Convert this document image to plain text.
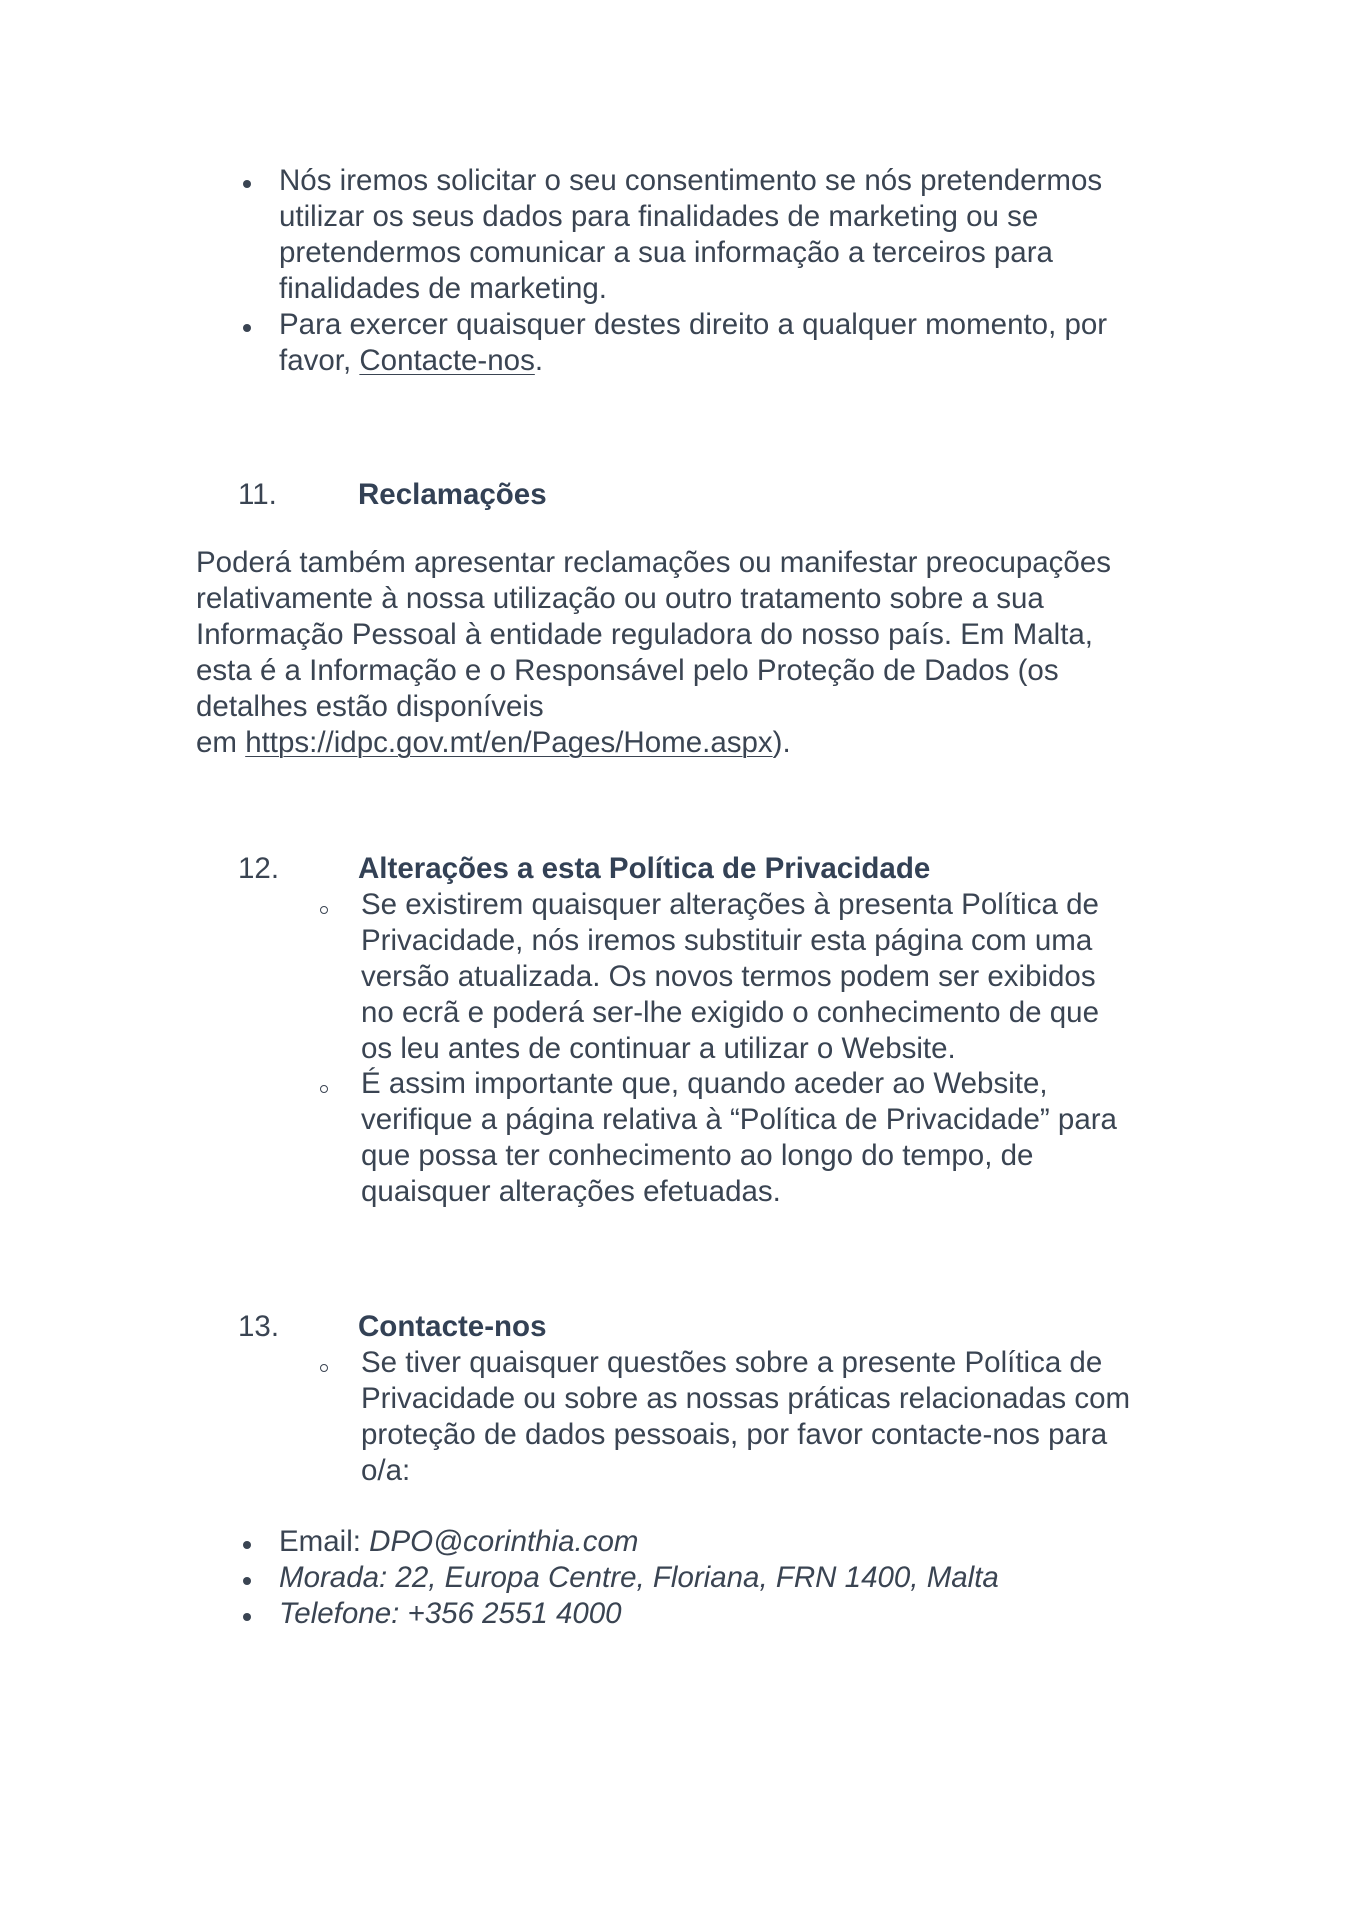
Nós iremos solicitar o seu consentimento se nós pretendermos
utilizar os seus dados para finalidades de marketing ou se
pretendermos comunicar a sua informação a terceiros para
finalidades de marketing.
Para exercer quaisquer destes direito a qualquer momento, por
favor, Contacte-nos.
11.	Reclamações
Poderá também apresentar reclamações ou manifestar preocupações
relativamente à nossa utilização ou outro tratamento sobre a sua
Informação Pessoal à entidade reguladora do nosso país. Em Malta,
esta é a Informação e o Responsável pelo Proteção de Dados (os
detalhes estão disponíveis
em https://idpc.gov.mt/en/Pages/Home.aspx).
12.	Alterações a esta Política de Privacidade
Se existirem quaisquer alterações à presenta Política de
Privacidade, nós iremos substituir esta página com uma
versão atualizada. Os novos termos podem ser exibidos
no ecrã e poderá ser-lhe exigido o conhecimento de que
os leu antes de continuar a utilizar o Website.
É assim importante que, quando aceder ao Website,
verifique a página relativa à “Política de Privacidade” para
que possa ter conhecimento ao longo do tempo, de
quaisquer alterações efetuadas.
13.	Contacte-nos
Se tiver quaisquer questões sobre a presente Política de
Privacidade ou sobre as nossas práticas relacionadas com
proteção de dados pessoais, por favor contacte-nos para
o/a:
Email: DPO@corinthia.com
Morada: 22, Europa Centre, Floriana, FRN 1400, Malta
Telefone: +356 2551 4000
